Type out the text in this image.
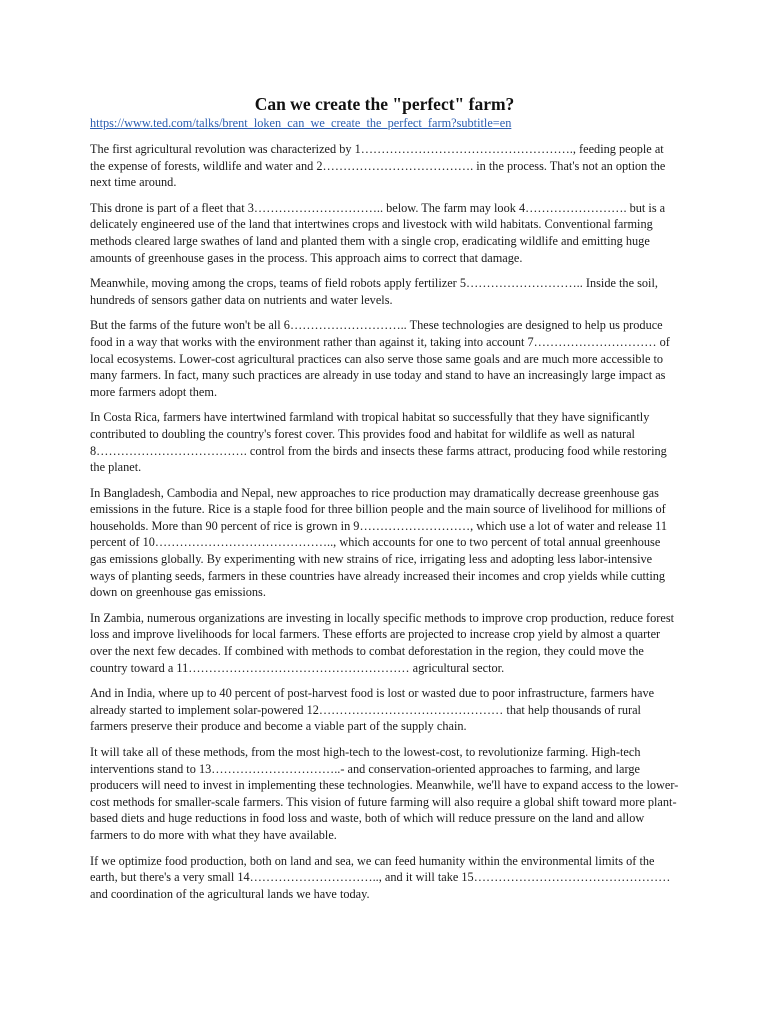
Can we create the "perfect" farm?
https://www.ted.com/talks/brent_loken_can_we_create_the_perfect_farm?subtitle=en

The first agricultural revolution was characterized by 1……………………………………………., feeding people at the expense of forests, wildlife and water and 2………………………………. in the process. That's not an option the next time around.

This drone is part of a fleet that 3………………………….. below. The farm may look 4……………………. but is a delicately engineered use of the land that intertwines crops and livestock with wild habitats. Conventional farming methods cleared large swathes of land and planted them with a single crop, eradicating wildlife and emitting huge amounts of greenhouse gases in the process. This approach aims to correct that damage.

Meanwhile, moving among the crops, teams of field robots apply fertilizer 5……………………….. Inside the soil, hundreds of sensors gather data on nutrients and water levels.

But the farms of the future won't be all 6……………………….. These technologies are designed to help us produce food in a way that works with the environment rather than against it, taking into account 7………………………… of local ecosystems. Lower-cost agricultural practices can also serve those same goals and are much more accessible to many farmers. In fact, many such practices are already in use today and stand to have an increasingly large impact as more farmers adopt them.

In Costa Rica, farmers have intertwined farmland with tropical habitat so successfully that they have significantly contributed to doubling the country's forest cover. This provides food and habitat for wildlife as well as natural 8………………………………. control from the birds and insects these farms attract, producing food while restoring the planet.

In Bangladesh, Cambodia and Nepal, new approaches to rice production may dramatically decrease greenhouse gas emissions in the future. Rice is a staple food for three billion people and the main source of livelihood for millions of households. More than 90 percent of rice is grown in 9………………………, which use a lot of water and release 11 percent of 10…………………………………….., which accounts for one to two percent of total annual greenhouse gas emissions globally. By experimenting with new strains of rice, irrigating less and adopting less labor-intensive ways of planting seeds, farmers in these countries have already increased their incomes and crop yields while cutting down on greenhouse gas emissions.

In Zambia, numerous organizations are investing in locally specific methods to improve crop production, reduce forest loss and improve livelihoods for local farmers. These efforts are projected to increase crop yield by almost a quarter over the next few decades. If combined with methods to combat deforestation in the region, they could move the country toward a 11……………………………………………… agricultural sector.

And in India, where up to 40 percent of post-harvest food is lost or wasted due to poor infrastructure, farmers have already started to implement solar-powered 12……………………………………… that help thousands of rural farmers preserve their produce and become a viable part of the supply chain.

It will take all of these methods, from the most high-tech to the lowest-cost, to revolutionize farming. High-tech interventions stand to 13…………………………..- and conservation-oriented approaches to farming, and large producers will need to invest in implementing these technologies. Meanwhile, we'll have to expand access to the lower-cost methods for smaller-scale farmers. This vision of future farming will also require a global shift toward more plant-based diets and huge reductions in food loss and waste, both of which will reduce pressure on the land and allow farmers to do more with what they have available.

If we optimize food production, both on land and sea, we can feed humanity within the environmental limits of the earth, but there's a very small 14………………………….., and it will take 15………………………………………… and coordination of the agricultural lands we have today.
